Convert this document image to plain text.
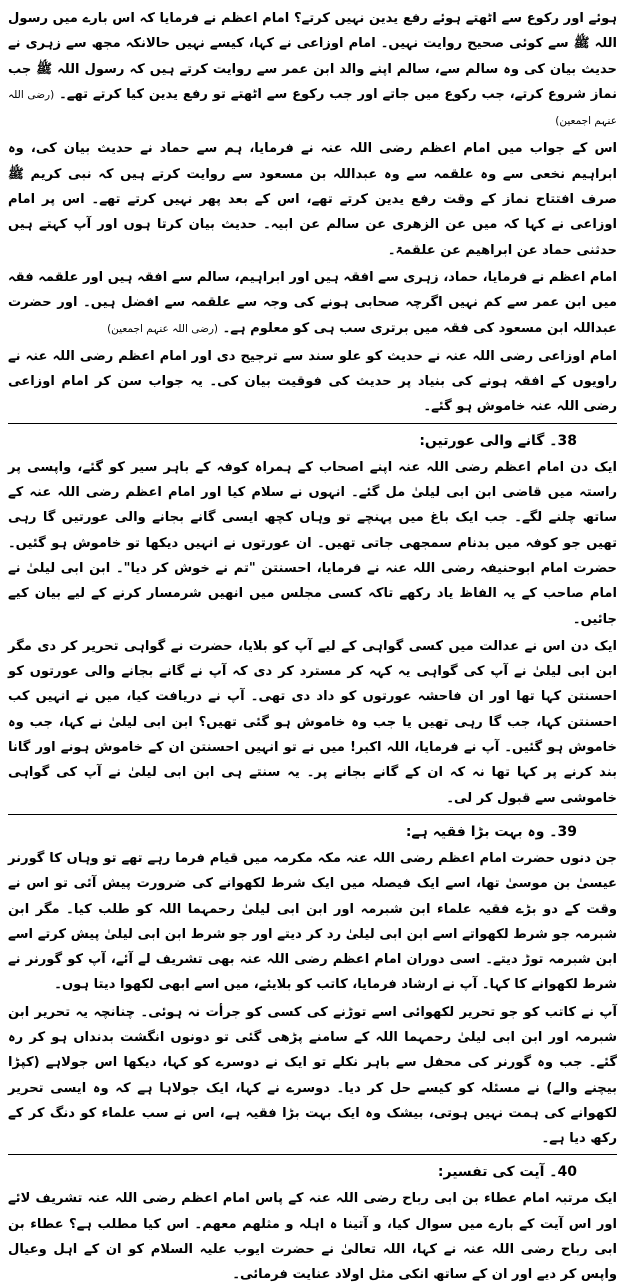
ہوئے اور رکوع سے اٹھتے ہوئے رفع یدین نہیں کرتے؟ امام اعظم نے فرمایا کہ اس بارے میں رسول اللہ ﷺ سے کوئی صحیح روایت نہیں۔ امام اوزاعی نے کہا، کیسے نہیں حالانکہ مجھ سے زہری نے حدیث بیان کی وہ سالم سے، سالم اپنے والد ابن عمر سے روایت کرتے ہیں کہ رسول اللہ ﷺ جب نماز شروع کرتے، جب رکوع میں جاتے اور جب رکوع سے اٹھتے تو رفع یدین کیا کرتے تھے۔ (رضی اللہ عنہم اجمعین)

اس کے جواب میں امام اعظم رضی اللہ عنہ نے فرمایا، ہم سے حماد نے حدیث بیان کی، وہ ابراہیم نخعی سے وہ علقمہ سے وہ عبداللہ بن مسعود سے روایت کرتے ہیں کہ نبی کریم ﷺ صرف افتتاح نماز کے وقت رفع یدین کرتے تھے، اس کے بعد پھر نہیں کرتے تھے۔ اس پر امام اوزاعی نے کہا کہ میں عن الزھری عن سالم عن ابیہ۔ حدیث بیان کرتا ہوں اور آپ کہتے ہیں حدثنی حماد عن ابراھیم عن علقمۃ۔

امام اعظم نے فرمایا، حماد، زہری سے افقہ ہیں اور ابراہیم، سالم سے افقہ ہیں اور علقمہ فقہ میں ابن عمر سے کم نہیں اگرچہ صحابی ہونے کی وجہ سے علقمہ سے افضل ہیں۔ اور حضرت عبداللہ ابن مسعود کی فقہ میں برتری سب ہی کو معلوم ہے۔ (رضی اللہ عنہم اجمعین)

امام اوزاعی رضی اللہ عنہ نے حدیث کو علو سند سے ترجیح دی اور امام اعظم رضی اللہ عنہ نے راویوں کے افقہ ہونے کی بنیاد پر حدیث کی فوقیت بیان کی۔ یہ جواب سن کر امام اوزاعی رضی اللہ عنہ خاموش ہو گئے۔

38۔ گانے والی عورتیں:

ایک دن امام اعظم رضی اللہ عنہ اپنے اصحاب کے ہمراہ کوفہ کے باہر سیر کو گئے، واپسی پر راستہ میں قاضی ابن ابی لیلیٰ مل گئے۔ انہوں نے سلام کیا اور امام اعظم رضی اللہ عنہ کے ساتھ چلنے لگے۔ جب ایک باغ میں پہنچے تو وہاں کچھ ایسی گانے بجانے والی عورتیں گا رہی تھیں جو کوفہ میں بدنام سمجھی جاتی تھیں۔ ان عورتوں نے انہیں دیکھا تو خاموش ہو گئیں۔ حضرت امام ابوحنیفہ رضی اللہ عنہ نے فرمایا، احسنتن "تم نے خوش کر دیا"۔ ابن ابی لیلیٰ نے امام صاحب کے یہ الفاظ یاد رکھے تاکہ کسی مجلس میں انھیں شرمسار کرنے کے لیے بیان کیے جائیں۔

ایک دن اس نے عدالت میں کسی گواہی کے لیے آپ کو بلایا، حضرت نے گواہی تحریر کر دی مگر ابن ابی لیلیٰ نے آپ کی گواہی یہ کہہ کر مسترد کر دی کہ آپ نے گانے بجانے والی عورتوں کو احسنتن کہا تھا اور ان فاحشہ عورتوں کو داد دی تھی۔ آپ نے دریافت کیا، میں نے انہیں کب احسنتن کہا، جب گا رہی تھیں یا جب وہ خاموش ہو گئی تھیں؟ ابن ابی لیلیٰ نے کہا، جب وہ خاموش ہو گئیں۔ آپ نے فرمایا، اللہ اکبر! میں نے تو انہیں احسنتن ان کے خاموش ہونے اور گانا بند کرنے پر کہا تھا نہ کہ ان کے گانے بجانے پر۔ یہ سنتے ہی ابن ابی لیلیٰ نے آپ کی گواہی خاموشی سے قبول کر لی۔

39۔ وہ بہت بڑا فقیہ ہے:

جن دنوں حضرت امام اعظم رضی اللہ عنہ مکہ مکرمہ میں قیام فرما رہے تھے تو وہاں کا گورنر عیسیٰ بن موسیٰ تھا، اسے ایک فیصلہ میں ایک شرط لکھوانے کی ضرورت پیش آئی تو اس نے وقت کے دو بڑے فقیہ علماء ابن شبرمہ اور ابن ابی لیلیٰ رحمہما اللہ کو طلب کیا۔ مگر ابن شبرمہ جو شرط لکھواتے اسے ابن ابی لیلیٰ رد کر دیتے اور جو شرط ابن ابی لیلیٰ پیش کرتے اسے ابن شبرمہ توڑ دیتے۔ اسی دوران امام اعظم رضی اللہ عنہ بھی تشریف لے آئے، آپ کو گورنر نے شرط لکھوانے کا کہا۔ آپ نے ارشاد فرمایا، کاتب کو بلایئے، میں اسے ابھی لکھوا دیتا ہوں۔

آپ نے کاتب کو جو تحریر لکھوائی اسے توڑنے کی کسی کو جرأت نہ ہوئی۔ چنانچہ یہ تحریر ابن شبرمہ اور ابن ابی لیلیٰ رحمہما اللہ کے سامنے پڑھی گئی تو دونوں انگشت بدنداں ہو کر رہ گئے۔ جب وہ گورنر کی محفل سے باہر نکلے تو ایک نے دوسرے کو کہا، دیکھا اس جولاہے (کپڑا بیچنے والے) نے مسئلہ کو کیسے حل کر دیا۔ دوسرے نے کہا، ایک جولاہا ہے کہ وہ ایسی تحریر لکھوانے کی ہمت نہیں ہوتی، بیشک وہ ایک بہت بڑا فقیہ ہے، اس نے سب علماء کو دنگ کر کے رکھ دیا ہے۔

40۔ آیت کی تفسیر:

ایک مرتبہ امام عطاء بن ابی رباح رضی اللہ عنہ کے پاس امام اعظم رضی اللہ عنہ تشریف لائے اور اس آیت کے بارے میں سوال کیا، و آتینا ہ اہلہ و مثلھم معھم۔ اس کیا مطلب ہے؟ عطاء بن ابی رباح رضی اللہ عنہ نے کہا، اللہ تعالیٰ نے حضرت ایوب علیہ السلام کو ان کے اہل وعیال واپس کر دیے اور ان کے ساتھ انکی مثل اولاد عنایت فرمائی۔
